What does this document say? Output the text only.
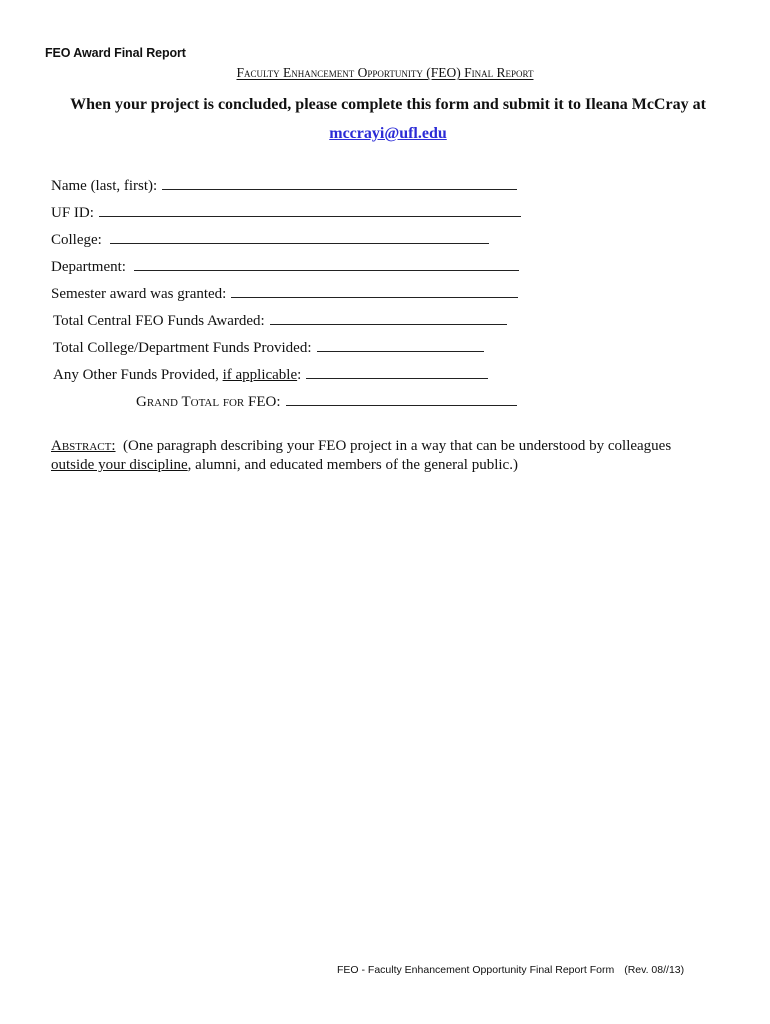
FEO Award Final Report
Faculty Enhancement Opportunity (FEO) Final Report
When your project is concluded, please complete this form and submit it to Ileana McCray at
mccrayi@ufl.edu
Name (last, first):
UF ID:
College:
Department:
Semester award was granted:
Total Central FEO Funds Awarded:
Total College/Department Funds Provided:
Any Other Funds Provided, if applicable:
Grand Total for FEO:
Abstract: (One paragraph describing your FEO project in a way that can be understood by colleagues
outside your discipline, alumni, and educated members of the general public.)
FEO - Faculty Enhancement Opportunity Final Report Form (Rev. 08//13)
